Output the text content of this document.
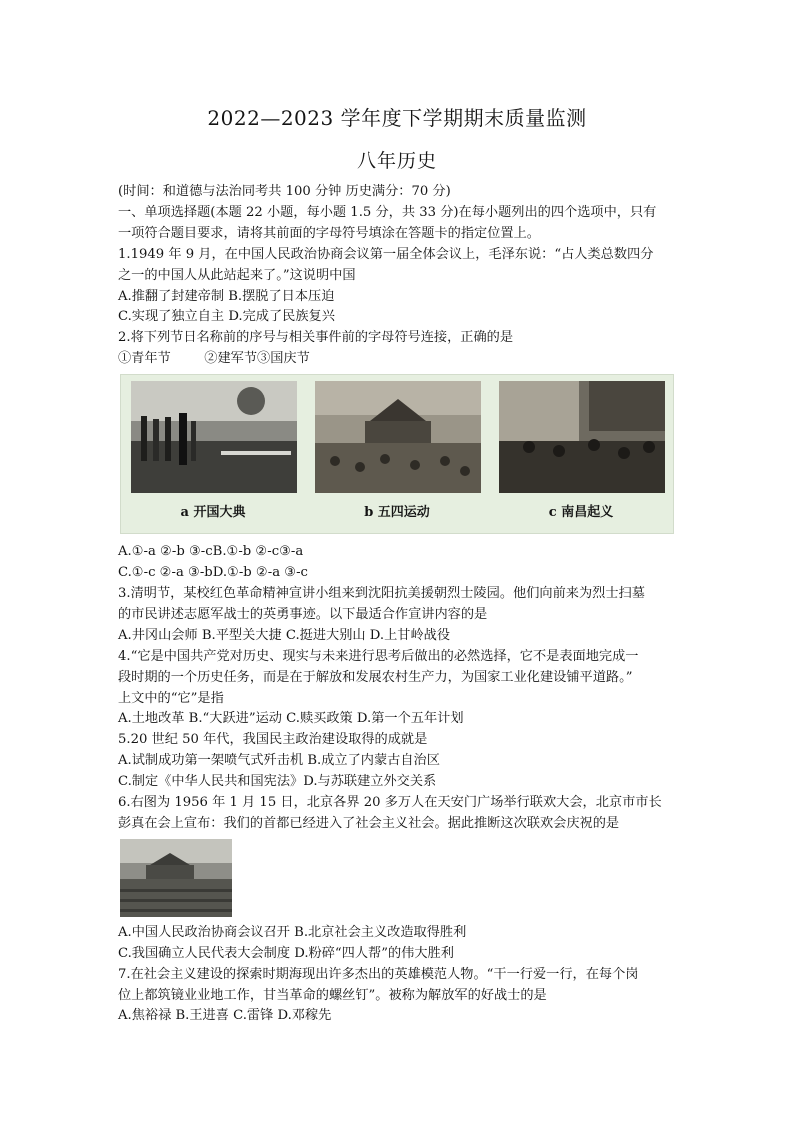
2022—2023 学年度下学期期末质量监测
八年历史

(时间：和道德与法治同考共 100 分钟 历史满分：70 分)

一、单项选择题(本题 22 小题，每小题 1.5 分，共 33 分)在每小题列出的四个选项中，只有

一项符合题目要求，请将其前面的字母符号填涂在答题卡的指定位置上。

1.1949 年 9 月，在中国人民政治协商会议第一届全体会议上，毛泽东说：“占人类总数四分

之一的中国人从此站起来了。”这说明中国

A.推翻了封建帝制 B.摆脱了日本压迫

C.实现了独立自主 D.完成了民族复兴

2.将下列节日名称前的序号与相关事件前的字母符号连接，正确的是

①青年节        ②建军节③国庆节

a 开国大典	b 五四运动	c 南昌起义

A.①-a ②-b ③-cB.①-b ②-c③-a

C.①-c ②-a ③-bD.①-b ②-a ③-c

3.清明节，某校红色革命精神宣讲小组来到沈阳抗美援朝烈士陵园。他们向前来为烈士扫墓

的市民讲述志愿军战士的英勇事迹。以下最适合作宣讲内容的是

A.井冈山会师 B.平型关大捷 C.挺进大别山 D.上甘岭战役

4.“它是中国共产党对历史、现实与未来进行思考后做出的必然选择，它不是表面地完成一

段时期的一个历史任务，而是在于解放和发展农村生产力，为国家工业化建设铺平道路。”

上文中的“它”是指

A.土地改革 B.“大跃进”运动 C.赎买政策 D.第一个五年计划

5.20 世纪 50 年代，我国民主政治建设取得的成就是

A.试制成功第一架喷气式歼击机 B.成立了内蒙古自治区

C.制定《中华人民共和国宪法》D.与苏联建立外交关系

6.右图为 1956 年 1 月 15 日，北京各界 20 多万人在天安门广场举行联欢大会，北京市市长

彭真在会上宣布：我们的首都已经进入了社会主义社会。据此推断这次联欢会庆祝的是

A.中国人民政治协商会议召开 B.北京社会主义改造取得胜利

C.我国确立人民代表大会制度 D.粉碎“四人帮”的伟大胜利

7.在社会主义建设的探索时期海现出许多杰出的英雄模范人物。“干一行爱一行，在每个岗

位上都筑镜业业地工作，甘当革命的螺丝钉”。被称为解放军的好战士的是

A.焦裕禄 B.王进喜 C.雷锋 D.邓稼先
